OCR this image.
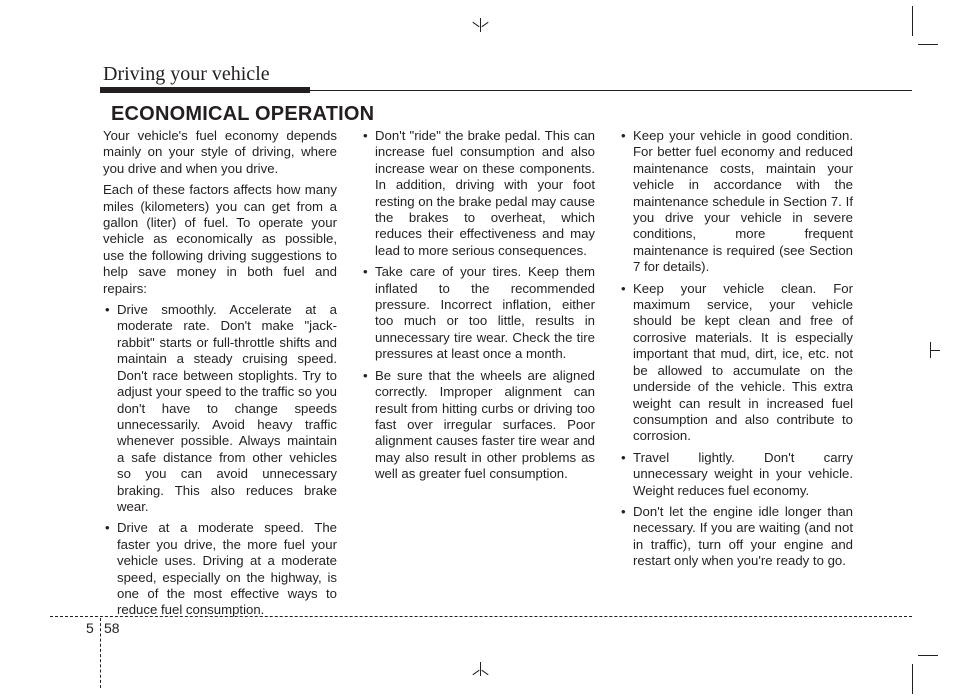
Driving your vehicle
ECONOMICAL OPERATION

Your vehicle's fuel economy depends mainly on your style of driving, where you drive and when you drive.

Each of these factors affects how many miles (kilometers) you can get from a gallon (liter) of fuel. To operate your vehicle as economically as possible, use the following driving suggestions to help save money in both fuel and repairs:

• Drive smoothly. Accelerate at a moderate rate. Don't make "jack-rabbit" starts or full-throttle shifts and maintain a steady cruising speed. Don't race between stoplights. Try to adjust your speed to the traffic so you don't have to change speeds unnecessarily. Avoid heavy traffic whenever possible. Always maintain a safe distance from other vehicles so you can avoid unnecessary braking. This also reduces brake wear.
• Drive at a moderate speed. The faster you drive, the more fuel your vehicle uses. Driving at a moderate speed, especially on the highway, is one of the most effective ways to reduce fuel consumption.
• Don't "ride" the brake pedal. This can increase fuel consumption and also increase wear on these components. In addition, driving with your foot resting on the brake pedal may cause the brakes to overheat, which reduces their effectiveness and may lead to more serious consequences.
• Take care of your tires. Keep them inflated to the recommended pressure. Incorrect inflation, either too much or too little, results in unnecessary tire wear. Check the tire pressures at least once a month.
• Be sure that the wheels are aligned correctly. Improper alignment can result from hitting curbs or driving too fast over irregular surfaces. Poor alignment causes faster tire wear and may also result in other problems as well as greater fuel consumption.
• Keep your vehicle in good condition. For better fuel economy and reduced maintenance costs, maintain your vehicle in accordance with the maintenance schedule in Section 7. If you drive your vehicle in severe conditions, more frequent maintenance is required (see Section 7 for details).
• Keep your vehicle clean. For maximum service, your vehicle should be kept clean and free of corrosive materials. It is especially important that mud, dirt, ice, etc. not be allowed to accumulate on the underside of the vehicle. This extra weight can result in increased fuel consumption and also contribute to corrosion.
• Travel lightly. Don't carry unnecessary weight in your vehicle. Weight reduces fuel economy.
• Don't let the engine idle longer than necessary. If you are waiting (and not in traffic), turn off your engine and restart only when you're ready to go.
5 58
